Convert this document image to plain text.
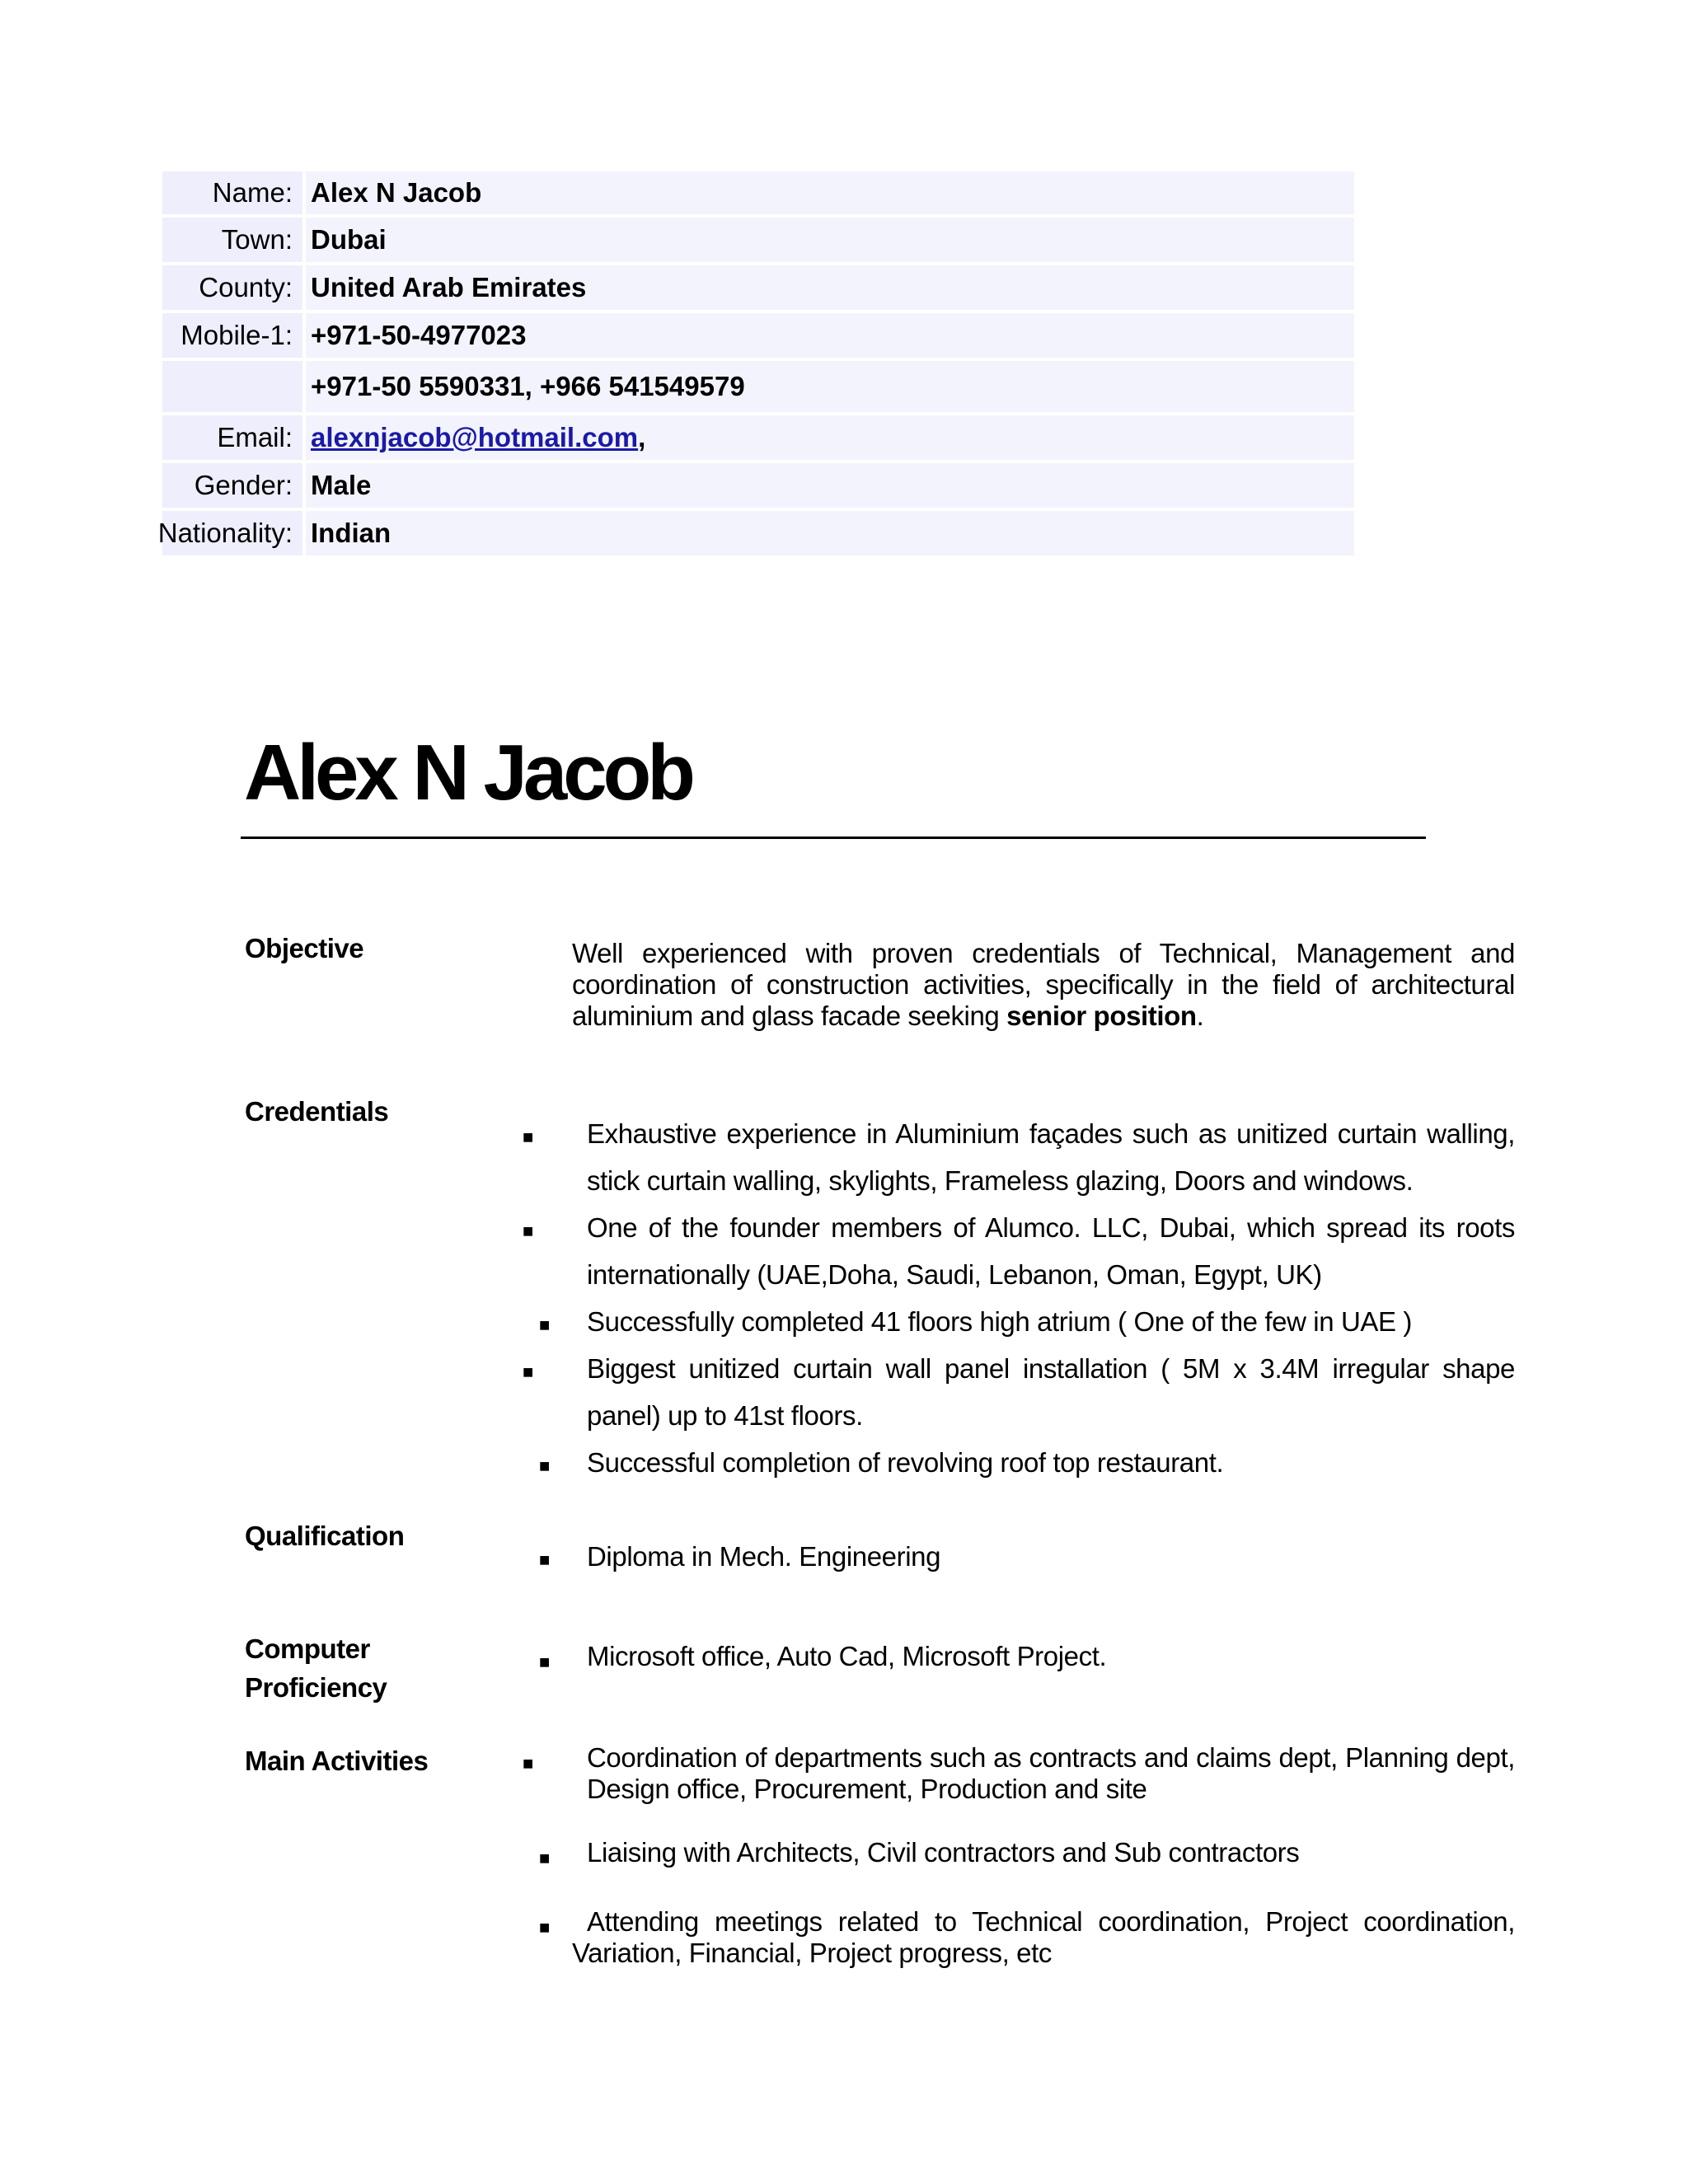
Name: Alex N Jacob
Town: Dubai
County: United Arab Emirates
Mobile-1: +971-50-4977023
+971-50 5590331, +966 541549579
Email: alexnjacob@hotmail.com ,
Gender: Male
Nationality: Indian
Alex N Jacob
Objective	Well experienced with proven credentials of Technical, Management and coordination of construction activities, specifically in the field of architectural aluminium and glass facade seeking senior position.

Credentials
■ Exhaustive experience in Aluminium façades such as unitized curtain walling, stick curtain walling, skylights, Frameless glazing, Doors and windows.

■ One of the founder members of Alumco. LLC, Dubai, which spread its roots internationally (UAE,Doha, Saudi, Lebanon, Oman, Egypt, UK)

■ Successfully completed 41 floors high atrium ( One of the few in UAE )

■ Biggest unitized curtain wall panel installation ( 5M x 3.4M irregular shape panel) up to 41st floors.

■ Successful completion of revolving roof top restaurant.

Qualification
■ Diploma in Mech. Engineering

Computer
Proficiency
■ Microsoft office, Auto Cad, Microsoft Project.

Main Activities	■ Coordination of departments such as contracts and claims dept, Planning dept, Design office, Procurement, Production and site

■ Liaising with Architects, Civil contractors and Sub contractors

■ Attending meetings related to Technical coordination, Project coordination,

Variation, Financial, Project progress, etc
